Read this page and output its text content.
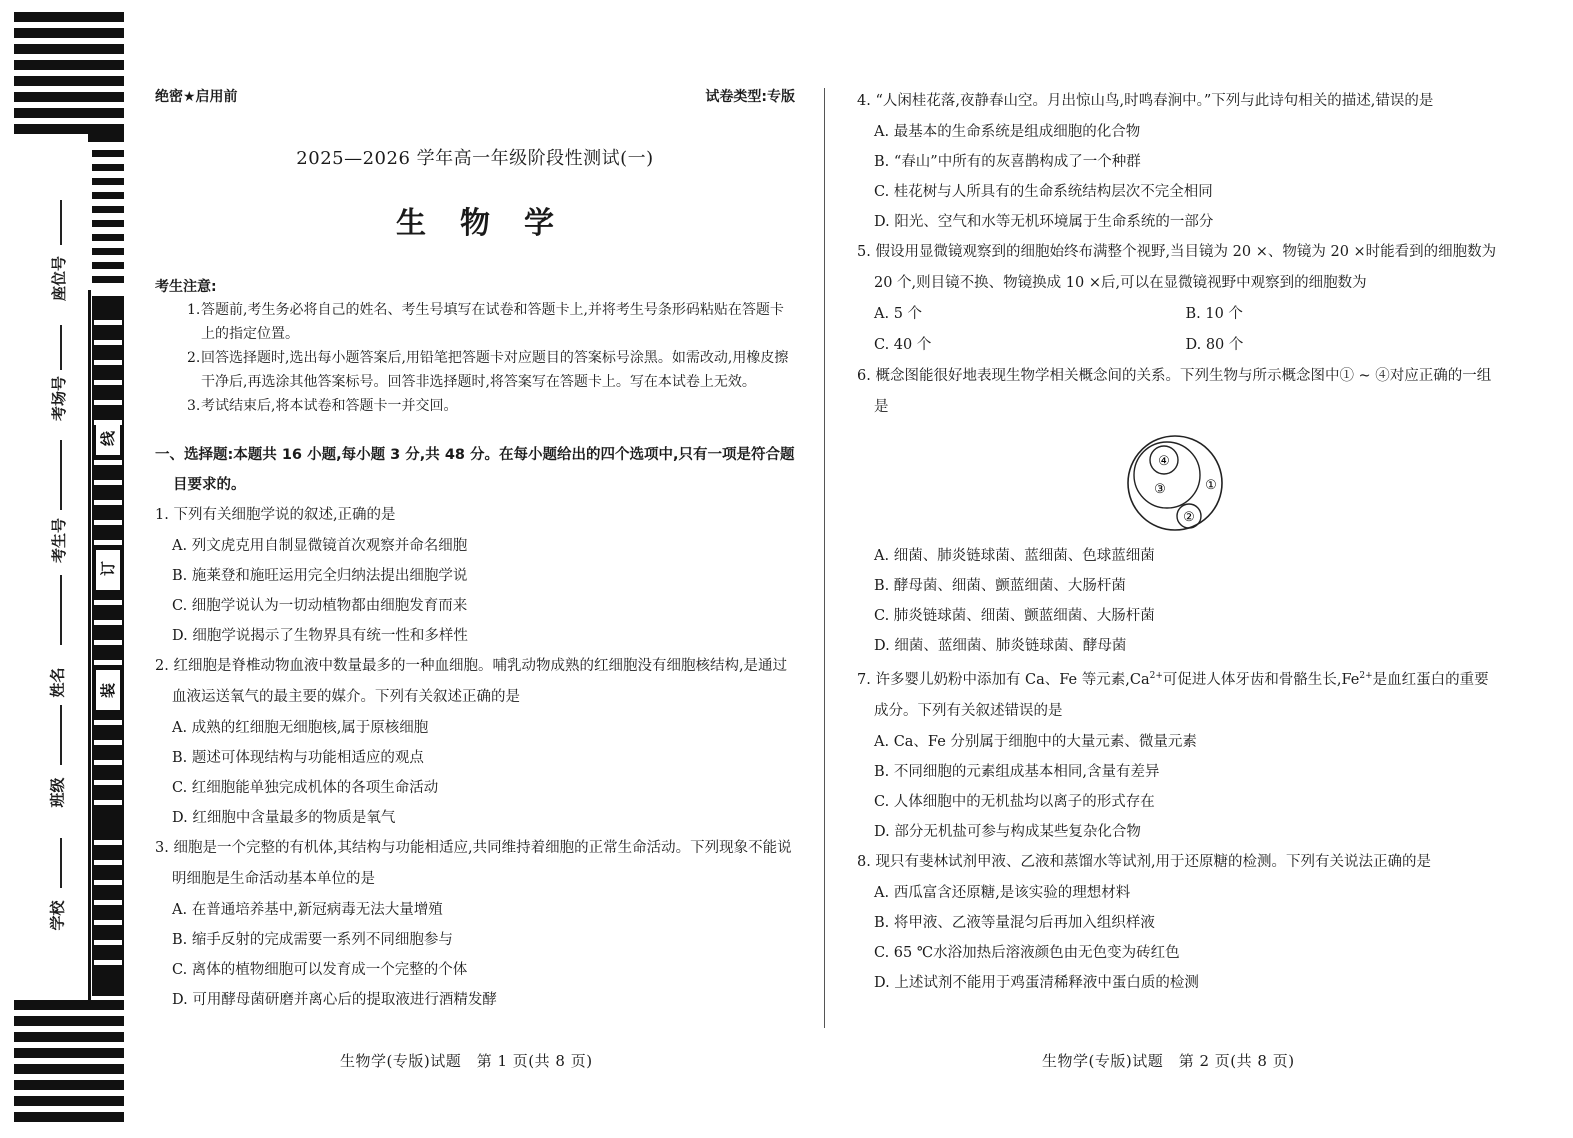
座位号
考场号
考生号
姓名
班级
学校
线
订
装
绝密★启用前	试卷类型:专版
2025—2026 学年高一年级阶段性测试(一)
生物学
考生注意:
1.答题前,考生务必将自己的姓名、考生号填写在试卷和答题卡上,并将考生号条形码粘贴在答题卡上的指定位置。
2.回答选择题时,选出每小题答案后,用铅笔把答题卡对应题目的答案标号涂黑。如需改动,用橡皮擦干净后,再选涂其他答案标号。回答非选择题时,将答案写在答题卡上。写在本试卷上无效。
3.考试结束后,将本试卷和答题卡一并交回。
一、选择题:本题共 16 小题,每小题 3 分,共 48 分。在每小题给出的四个选项中,只有一项是符合题目要求的。
1. 下列有关细胞学说的叙述,正确的是
A. 列文虎克用自制显微镜首次观察并命名细胞
B. 施莱登和施旺运用完全归纳法提出细胞学说
C. 细胞学说认为一切动植物都由细胞发育而来
D. 细胞学说揭示了生物界具有统一性和多样性
2. 红细胞是脊椎动物血液中数量最多的一种血细胞。哺乳动物成熟的红细胞没有细胞核结构,是通过血液运送氧气的最主要的媒介。下列有关叙述正确的是
A. 成熟的红细胞无细胞核,属于原核细胞
B. 题述可体现结构与功能相适应的观点
C. 红细胞能单独完成机体的各项生命活动
D. 红细胞中含量最多的物质是氧气
3. 细胞是一个完整的有机体,其结构与功能相适应,共同维持着细胞的正常生命活动。下列现象不能说明细胞是生命活动基本单位的是
A. 在普通培养基中,新冠病毒无法大量增殖
B. 缩手反射的完成需要一系列不同细胞参与
C. 离体的植物细胞可以发育成一个完整的个体
D. 可用酵母菌研磨并离心后的提取液进行酒精发酵
4. “人闲桂花落,夜静春山空。月出惊山鸟,时鸣春涧中。”下列与此诗句相关的描述,错误的是
A. 最基本的生命系统是组成细胞的化合物
B. “春山”中所有的灰喜鹊构成了一个种群
C. 桂花树与人所具有的生命系统结构层次不完全相同
D. 阳光、空气和水等无机环境属于生命系统的一部分
5. 假设用显微镜观察到的细胞始终布满整个视野,当目镜为 20 ×、物镜为 20 ×时能看到的细胞数为 20 个,则目镜不换、物镜换成 10 ×后,可以在显微镜视野中观察到的细胞数为
A. 5 个	B. 10 个
C. 40 个	D. 80 个
6. 概念图能很好地表现生物学相关概念间的关系。下列生物与所示概念图中① ~ ④对应正确的一组是
①
②
③
④
A. 细菌、肺炎链球菌、蓝细菌、色球蓝细菌
B. 酵母菌、细菌、颤蓝细菌、大肠杆菌
C. 肺炎链球菌、细菌、颤蓝细菌、大肠杆菌
D. 细菌、蓝细菌、肺炎链球菌、酵母菌
7. 许多婴儿奶粉中添加有 Ca、Fe 等元素$,Ca^{2+}$可促进人体牙齿和骨骼生长$,Fe^{2+}$是血红蛋白的重要成分。下列有关叙述错误的是
A. Ca、Fe 分别属于细胞中的大量元素、微量元素
B. 不同细胞的元素组成基本相同,含量有差异
C. 人体细胞中的无机盐均以离子的形式存在
D. 部分无机盐可参与构成某些复杂化合物
8. 现只有斐林试剂甲液、乙液和蒸馏水等试剂,用于还原糖的检测。下列有关说法正确的是
A. 西瓜富含还原糖,是该实验的理想材料
B. 将甲液、乙液等量混匀后再加入组织样液
C. 65 ℃水浴加热后溶液颜色由无色变为砖红色
D. 上述试剂不能用于鸡蛋清稀释液中蛋白质的检测
生物学(专版)试题　第 1 页(共 8 页)	生物学(专版)试题　第 2 页(共 8 页)
